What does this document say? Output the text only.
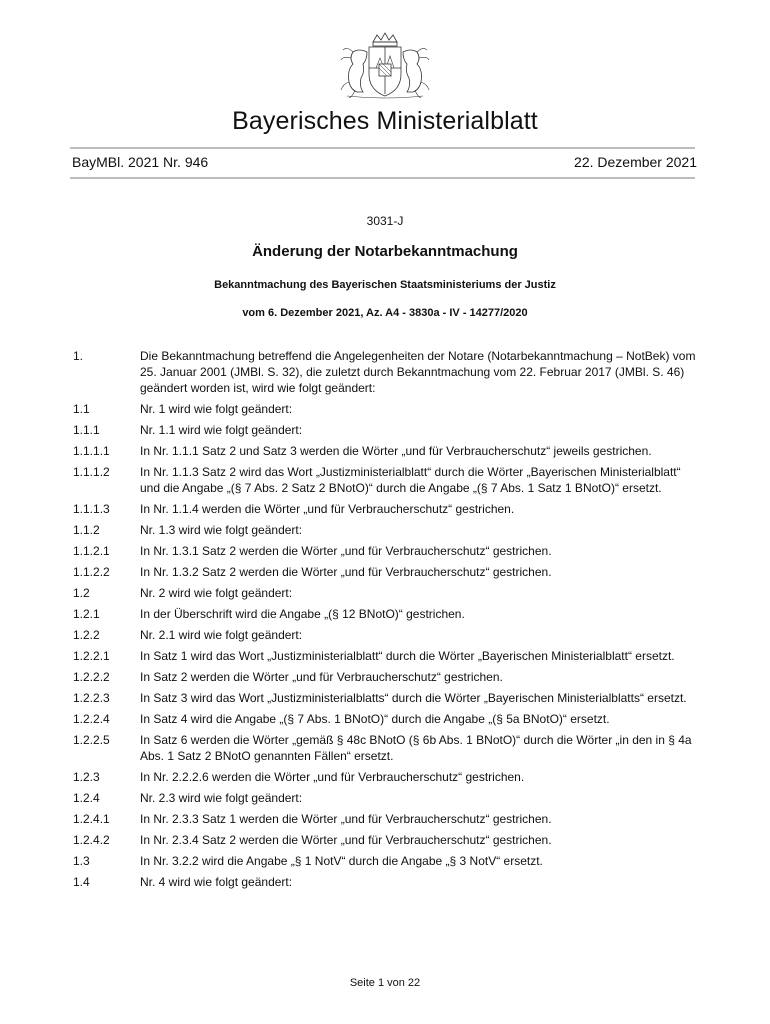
Bayerisches Ministerialblatt
BayMBl. 2021 Nr. 946	22. Dezember 2021
3031-J
Änderung der Notarbekanntmachung
Bekanntmachung des Bayerischen Staatsministeriums der Justiz
vom 6. Dezember 2021, Az. A4 - 3830a - IV - 14277/2020
1.	Die Bekanntmachung betreffend die Angelegenheiten der Notare (Notarbekanntmachung – NotBek) vom 25. Januar 2001 (JMBl. S. 32), die zuletzt durch Bekanntmachung vom 22. Februar 2017 (JMBl. S. 46) geändert worden ist, wird wie folgt geändert:
1.1	Nr. 1 wird wie folgt geändert:
1.1.1	Nr. 1.1 wird wie folgt geändert:
1.1.1.1	In Nr. 1.1.1 Satz 2 und Satz 3 werden die Wörter „und für Verbraucherschutz“ jeweils gestrichen.
1.1.1.2	In Nr. 1.1.3 Satz 2 wird das Wort „Justizministerialblatt“ durch die Wörter „Bayerischen Ministerialblatt“ und die Angabe „(§ 7 Abs. 2 Satz 2 BNotO)“ durch die Angabe „(§ 7 Abs. 1 Satz 1 BNotO)“ ersetzt.
1.1.1.3	In Nr. 1.1.4 werden die Wörter „und für Verbraucherschutz“ gestrichen.
1.1.2	Nr. 1.3 wird wie folgt geändert:
1.1.2.1	In Nr. 1.3.1 Satz 2 werden die Wörter „und für Verbraucherschutz“ gestrichen.
1.1.2.2	In Nr. 1.3.2 Satz 2 werden die Wörter „und für Verbraucherschutz“ gestrichen.
1.2	Nr. 2 wird wie folgt geändert:
1.2.1	In der Überschrift wird die Angabe „(§ 12 BNotO)“ gestrichen.
1.2.2	Nr. 2.1 wird wie folgt geändert:
1.2.2.1	In Satz 1 wird das Wort „Justizministerialblatt“ durch die Wörter „Bayerischen Ministerialblatt“ ersetzt.
1.2.2.2	In Satz 2 werden die Wörter „und für Verbraucherschutz“ gestrichen.
1.2.2.3	In Satz 3 wird das Wort „Justizministerialblatts“ durch die Wörter „Bayerischen Ministerialblatts“ ersetzt.
1.2.2.4	In Satz 4 wird die Angabe „(§ 7 Abs. 1 BNotO)“ durch die Angabe „(§ 5a BNotO)“ ersetzt.
1.2.2.5	In Satz 6 werden die Wörter „gemäß § 48c BNotO (§ 6b Abs. 1 BNotO)“ durch die Wörter „in den in § 4a Abs. 1 Satz 2 BNotO genannten Fällen“ ersetzt.
1.2.3	In Nr. 2.2.2.6 werden die Wörter „und für Verbraucherschutz“ gestrichen.
1.2.4	Nr. 2.3 wird wie folgt geändert:
1.2.4.1	In Nr. 2.3.3 Satz 1 werden die Wörter „und für Verbraucherschutz“ gestrichen.
1.2.4.2	In Nr. 2.3.4 Satz 2 werden die Wörter „und für Verbraucherschutz“ gestrichen.
1.3	In Nr. 3.2.2 wird die Angabe „§ 1 NotV“ durch die Angabe „§ 3 NotV“ ersetzt.
1.4	Nr. 4 wird wie folgt geändert:
Seite 1 von 22
